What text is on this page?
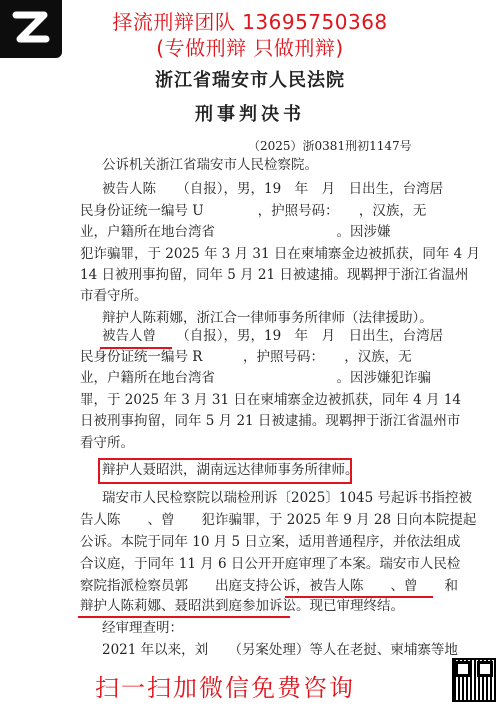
择流刑辩团队 13695750368
(专做刑辩 只做刑辩)
浙江省瑞安市人民法院
刑事判决书
（2025）浙0381刑初1147号
公诉机关浙江省瑞安市人民检察院。
被告人陈　　（自报），男，19　年　月　日出生，台湾居
民身份证统一编号 U　　　　，护照号码：　　，汉族，无
业，户籍所在地台湾省　　　　　　　　　。因涉嫌
犯诈骗罪，于 2025 年 3 月 31 日在柬埔寨金边被抓获，同年 4 月
14 日被刑事拘留，同年 5 月 21 日被逮捕。现羁押于浙江省温州
市看守所。
辩护人陈莉娜，浙江合一律师事务所律师（法律援助）。
被告人曾　　（自报），男，19　年　月　日出生，台湾居
民身份证统一编号 R　　　，护照号码：　　，汉族，无
业，户籍所在地台湾省　　　　　　　　　。因涉嫌犯诈骗
罪，于 2025 年 3 月 31 日在柬埔寨金边被抓获，同年 4 月 14
日被刑事拘留，同年 5 月 21 日被逮捕。现羁押于浙江省温州市
看守所。
辩护人聂昭洪，湖南远达律师事务所律师。
瑞安市人民检察院以瑞检刑诉〔2025〕1045 号起诉书指控被
告人陈　　、曾　　犯诈骗罪，于 2025 年 9 月 28 日向本院提起
公诉。本院于同年 10 月 5 日立案，适用普通程序，并依法组成
合议庭，于同年 11 月 6 日公开开庭审理了本案。瑞安市人民检
察院指派检察员郭　　出庭支持公诉，被告人陈　　、曾　　和
辩护人陈莉娜、聂昭洪到庭参加诉讼。现已审理终结。
经审理查明：
2021 年以来，刘　　（另案处理）等人在老挝、柬埔寨等地
扫一扫加微信免费咨询
